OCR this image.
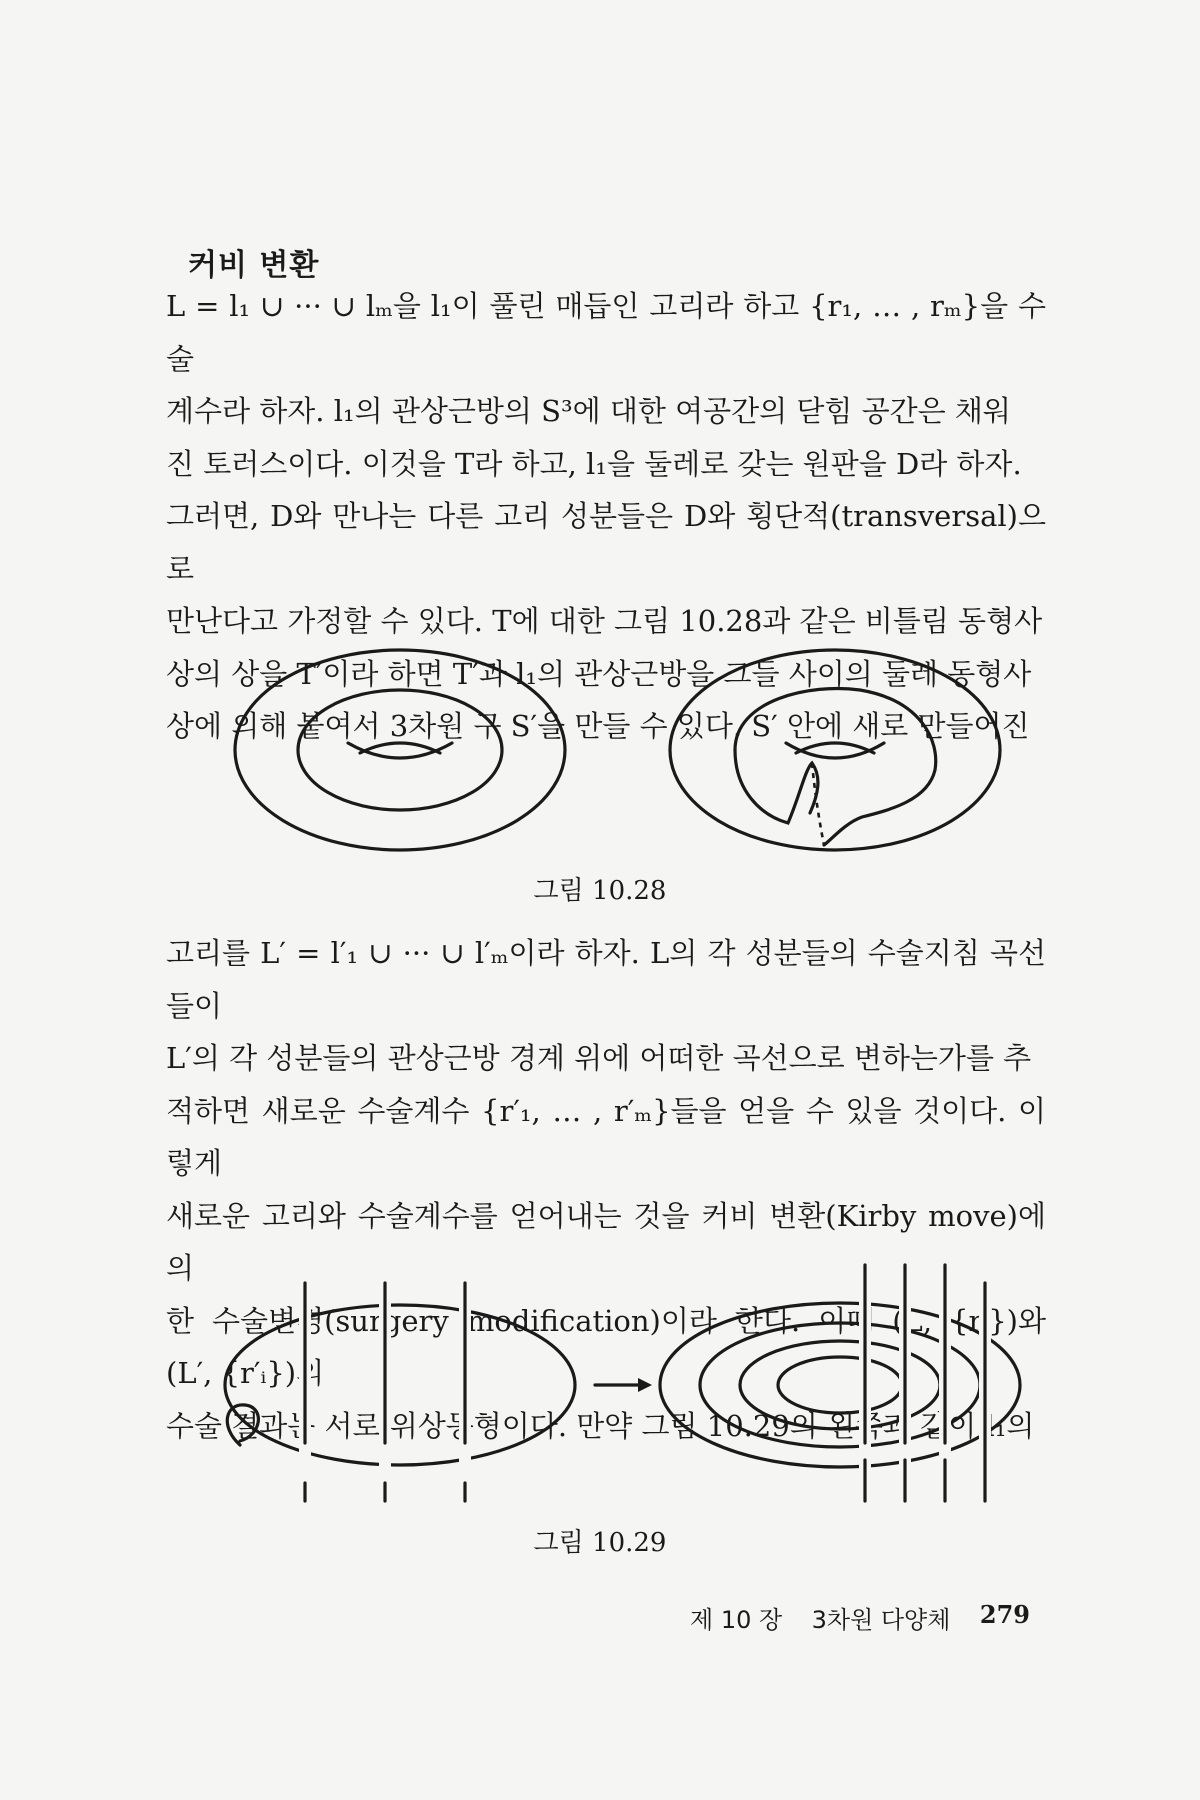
커비 변환

L = l₁ ∪ ··· ∪ lₘ을 l₁이 풀린 매듭인 고리라 하고 {r₁, … , rₘ}을 수술

계수라 하자. l₁의 관상근방의 S³에 대한 여공간의 닫힘 공간은 채워

진 토러스이다. 이것을 T라 하고, l₁을 둘레로 갖는 원판을 D라 하자.

그러면, D와 만나는 다른 고리 성분들은 D와 횡단적(transversal)으로

만난다고 가정할 수 있다. T에 대한 그림 10.28과 같은 비틀림 동형사

상의 상을 T′이라 하면 T′과 l₁의 관상근방을 그들 사이의 둘레 동형사

상에 의해 붙여서 3차원 구 S′을 만들 수 있다. S′ 안에 새로 만들어진

그림 10.28

고리를 L′ = l′₁ ∪ ··· ∪ l′ₘ이라 하자. L의 각 성분들의 수술지침 곡선들이

L′의 각 성분들의 관상근방 경계 위에 어떠한 곡선으로 변하는가를 추

적하면 새로운 수술계수 {r′₁, … , r′ₘ}들을 얻을 수 있을 것이다. 이렇게

새로운 고리와 수술계수를 얻어내는 것을 커비 변환(Kirby move)에 의

한 수술변경(surgery modification)이라 한다. 이때 (L, {rᵢ})와 (L′, {r′ᵢ})의

수술 결과는 서로 위상동형이다. 만약 그림 10.29의 왼쪽과 같이 l₁의

그림 10.29
제 10 장 3차원 다양체 279
